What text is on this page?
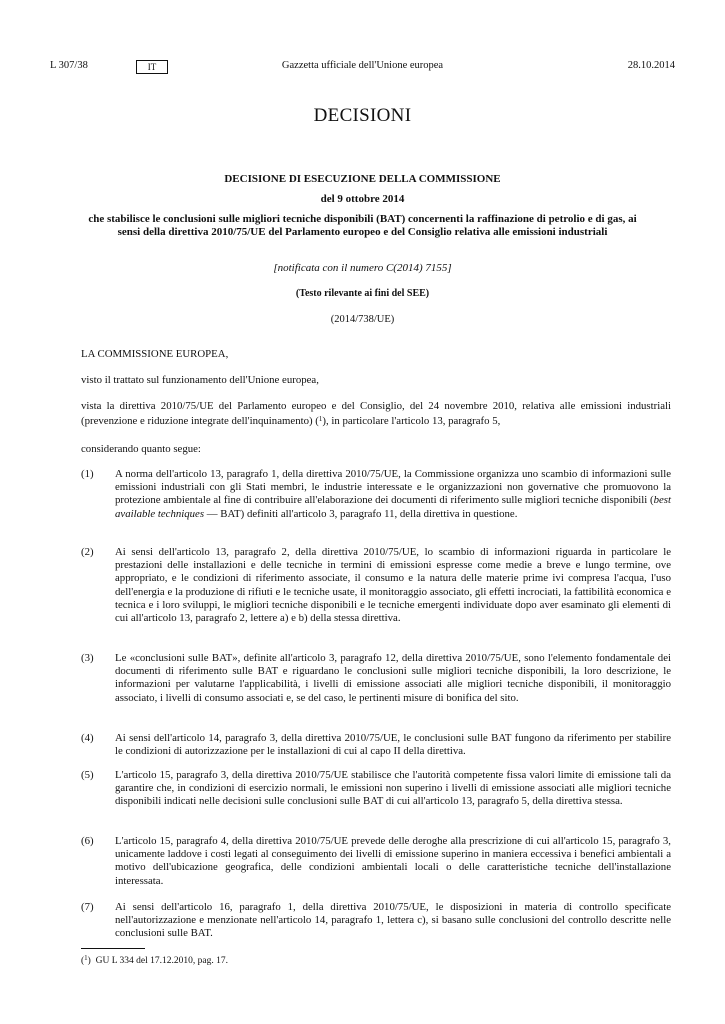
L 307/38	IT	Gazzetta ufficiale dell'Unione europea	28.10.2014
DECISIONI
DECISIONE DI ESECUZIONE DELLA COMMISSIONE
del 9 ottobre 2014
che stabilisce le conclusioni sulle migliori tecniche disponibili (BAT) concernenti la raffinazione di petrolio e di gas, ai sensi della direttiva 2010/75/UE del Parlamento europeo e del Consiglio relativa alle emissioni industriali
[notificata con il numero C(2014) 7155]
(Testo rilevante ai fini del SEE)
(2014/738/UE)
LA COMMISSIONE EUROPEA,
visto il trattato sul funzionamento dell'Unione europea,
vista la direttiva 2010/75/UE del Parlamento europeo e del Consiglio, del 24 novembre 2010, relativa alle emissioni industriali (prevenzione e riduzione integrate dell'inquinamento) ($^1$), in particolare l'articolo 13, paragrafo 5,
considerando quanto segue:
(1) A norma dell'articolo 13, paragrafo 1, della direttiva 2010/75/UE, la Commissione organizza uno scambio di informazioni sulle emissioni industriali con gli Stati membri, le industrie interessate e le organizzazioni non governative che promuovono la protezione ambientale al fine di contribuire all'elaborazione dei documenti di riferimento sulle migliori tecniche disponibili (best available techniques — BAT) definiti all'articolo 3, paragrafo 11, della direttiva in questione.
(2) Ai sensi dell'articolo 13, paragrafo 2, della direttiva 2010/75/UE, lo scambio di informazioni riguarda in particolare le prestazioni delle installazioni e delle tecniche in termini di emissioni espresse come medie a breve e lungo termine, ove appropriato, e le condizioni di riferimento associate, il consumo e la natura delle materie prime ivi compresa l'acqua, l'uso dell'energia e la produzione di rifiuti e le tecniche usate, il monitoraggio associato, gli effetti incrociati, la fattibilità economica e tecnica e i loro sviluppi, le migliori tecniche disponibili e le tecniche emergenti individuate dopo aver esaminato gli elementi di cui all'articolo 13, paragrafo 2, lettere a) e b) della stessa direttiva.
(3) Le «conclusioni sulle BAT», definite all'articolo 3, paragrafo 12, della direttiva 2010/75/UE, sono l'elemento fondamentale dei documenti di riferimento sulle BAT e riguardano le conclusioni sulle migliori tecniche disponibili, la loro descrizione, le informazioni per valutarne l'applicabilità, i livelli di emissione associati alle migliori tecniche disponibili, il monitoraggio associato, i livelli di consumo associati e, se del caso, le pertinenti misure di bonifica del sito.
(4) Ai sensi dell'articolo 14, paragrafo 3, della direttiva 2010/75/UE, le conclusioni sulle BAT fungono da riferimento per stabilire le condizioni di autorizzazione per le installazioni di cui al capo II della direttiva.
(5) L'articolo 15, paragrafo 3, della direttiva 2010/75/UE stabilisce che l'autorità competente fissa valori limite di emissione tali da garantire che, in condizioni di esercizio normali, le emissioni non superino i livelli di emissione associati alle migliori tecniche disponibili indicati nelle decisioni sulle conclusioni sulle BAT di cui all'articolo 13, paragrafo 5, della direttiva stessa.
(6) L'articolo 15, paragrafo 4, della direttiva 2010/75/UE prevede delle deroghe alla prescrizione di cui all'articolo 15, paragrafo 3, unicamente laddove i costi legati al conseguimento dei livelli di emissione superino in maniera eccessiva i benefici ambientali a motivo dell'ubicazione geografica, delle condizioni ambientali locali o delle caratteristiche tecniche dell'installazione interessata.
(7) Ai sensi dell'articolo 16, paragrafo 1, della direttiva 2010/75/UE, le disposizioni in materia di controllo specificate nell'autorizzazione e menzionate nell'articolo 14, paragrafo 1, lettera c), si basano sulle conclusioni del controllo descritte nelle conclusioni sulle BAT.
($^1$)  GU L 334 del 17.12.2010, pag. 17.
